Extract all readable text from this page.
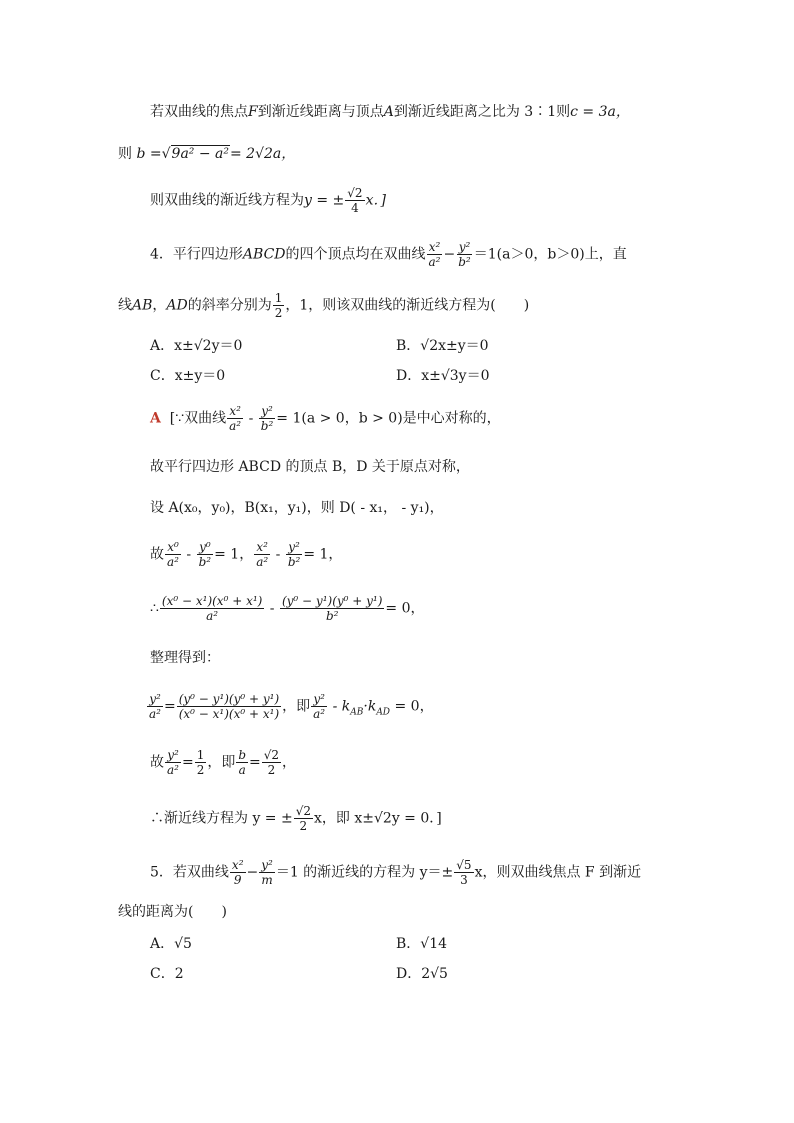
若双曲线的焦点F到渐近线距离与顶点A到渐近线距离之比为 3∶1则c = 3a，
则 b =√9a² − a²= 2√2a，
则双曲线的渐近线方程为y = ± $\frac{√2}{4}$ x．]
4．平行四边形ABCD的四个顶点均在双曲线 $\frac{\text{x²}}{\text{a²}} - \frac{\text{y²}}{\text{b²}} =1(a>0$，b＞0)上，直
线AB，AD的斜率分别为 $\frac{1}{2}$ ，1，则该双曲线的渐近线方程为(　　)
A．x±√2y＝0	B．√2x±y＝0
C．x±y＝0	D．x±√3y＝0
A [∵双曲线 $\frac{\text{x²}}{\text{a²}} - \frac{\text{y²}}{\text{b²}} = 1(a > 0$，b > 0)是中心对称的，
故平行四边形 ABCD 的顶点 B，D 关于原点对称，
设 A(x₀，y₀)，B(x₁，y₁)，则 D( - x₁， - y₁)，
故 $\frac{\text{x⁰}}{\text{a²}} - \frac{\text{y⁰}}{\text{b²}} = 1$， $\frac{\text{x²}}{\text{a²}} - \frac{\text{y²}}{\text{b²}} = 1$，
∴ $\frac{\text{(x⁰ − x¹)(x⁰ + x¹)}}{\text{a²}} - \frac{\text{(y⁰ − y¹)(y⁰ + y¹)}}{\text{b²}} = 0$，
整理得到：
$\frac{\text{y²}}{\text{a²}} = \frac{\text{(y⁰ − y¹)(y⁰ + y¹)}}{\text{(x⁰ − x¹)(x⁰ + x¹)}}$ ，即 $\frac{\text{y²}}{\text{a²}} - k_{AB}\cdot k_{AD} = 0$，
故 $\frac{\text{y²}}{\text{a²}} = \frac{1}{2}$ ，即 $\frac{b}{a} = \frac{√2}{2}$ ，
∴渐近线方程为 y = ± $\frac{√2}{2}$ x，即 x±√2y = 0．]
5．若双曲线 $\frac{\text{x²}}{9} - \frac{\text{y²}}{m} =1$ 的渐近线的方程为 $y=\pm \frac{√5}{3}$ x，则双曲线焦点 F 到渐近
线的距离为(　　)
A．√5	B．√14
C．2	D．2√5
